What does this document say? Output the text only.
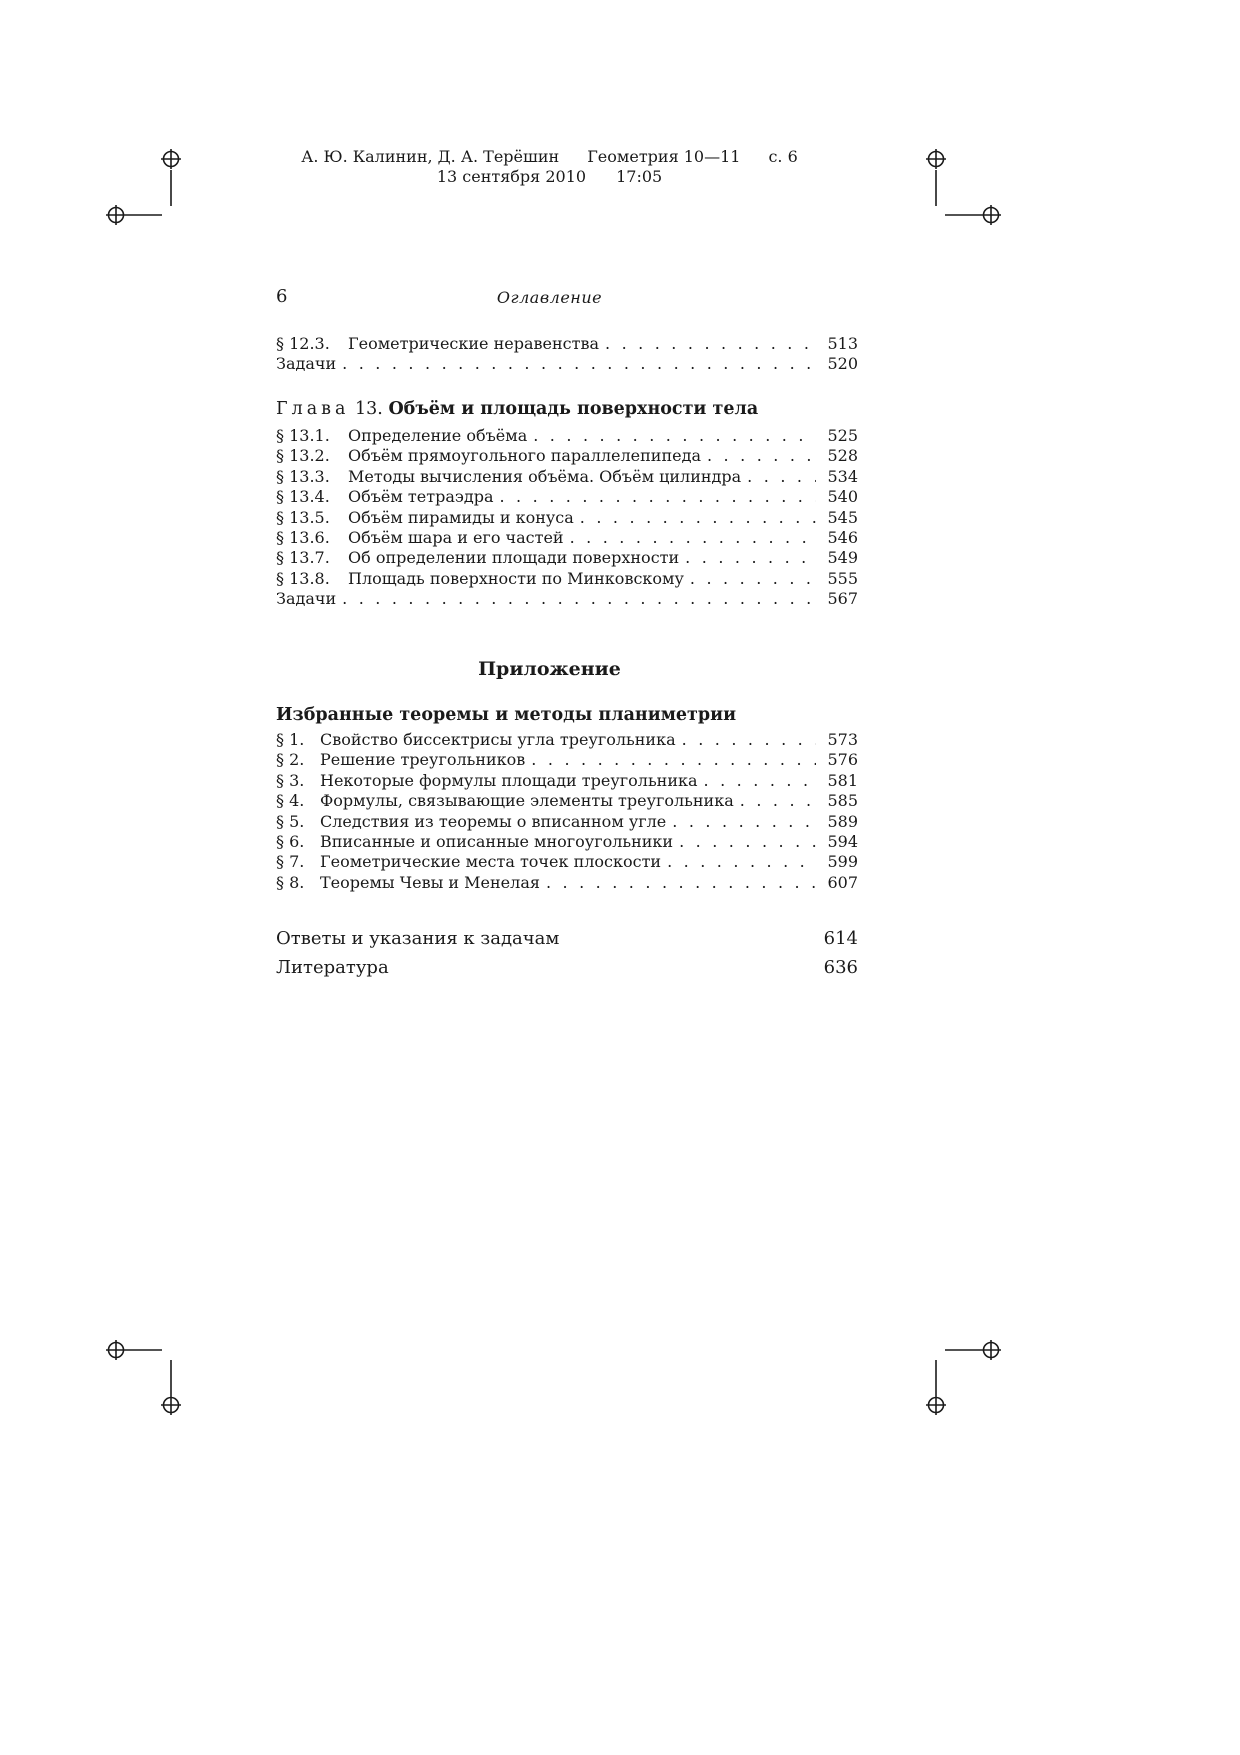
А. Ю. Калинин, Д. А. Терёшин Геометрия 10—11 с. 6
13 сентября 2010 17:05
6	Оглавление
§ 12.3. Геометрические неравенства . . .	513
Задачи . . .	520
Глава 13. Объём и площадь поверхности тела
§ 13.1. Определение объёма . . .	525
§ 13.2. Объём прямоугольного параллелепипеда . . .	528
§ 13.3. Методы вычисления объёма. Объём цилиндра . . .	534
§ 13.4. Объём тетраэдра . . .	540
§ 13.5. Объём пирамиды и конуса . . .	545
§ 13.6. Объём шара и его частей . . .	546
§ 13.7. Об определении площади поверхности . . .	549
§ 13.8. Площадь поверхности по Минковскому . . .	555
Задачи . . .	567
Приложение
Избранные теоремы и методы планиметрии
§ 1. Свойство биссектрисы угла треугольника . . .	573
§ 2. Решение треугольников . . .	576
§ 3. Некоторые формулы площади треугольника . . .	581
§ 4. Формулы, связывающие элементы треугольника . . .	585
§ 5. Следствия из теоремы о вписанном угле . . .	589
§ 6. Вписанные и описанные многоугольники . . .	594
§ 7. Геометрические места точек плоскости . . .	599
§ 8. Теоремы Чевы и Менелая . . .	607
Ответы и указания к задачам	614
Литература	636
